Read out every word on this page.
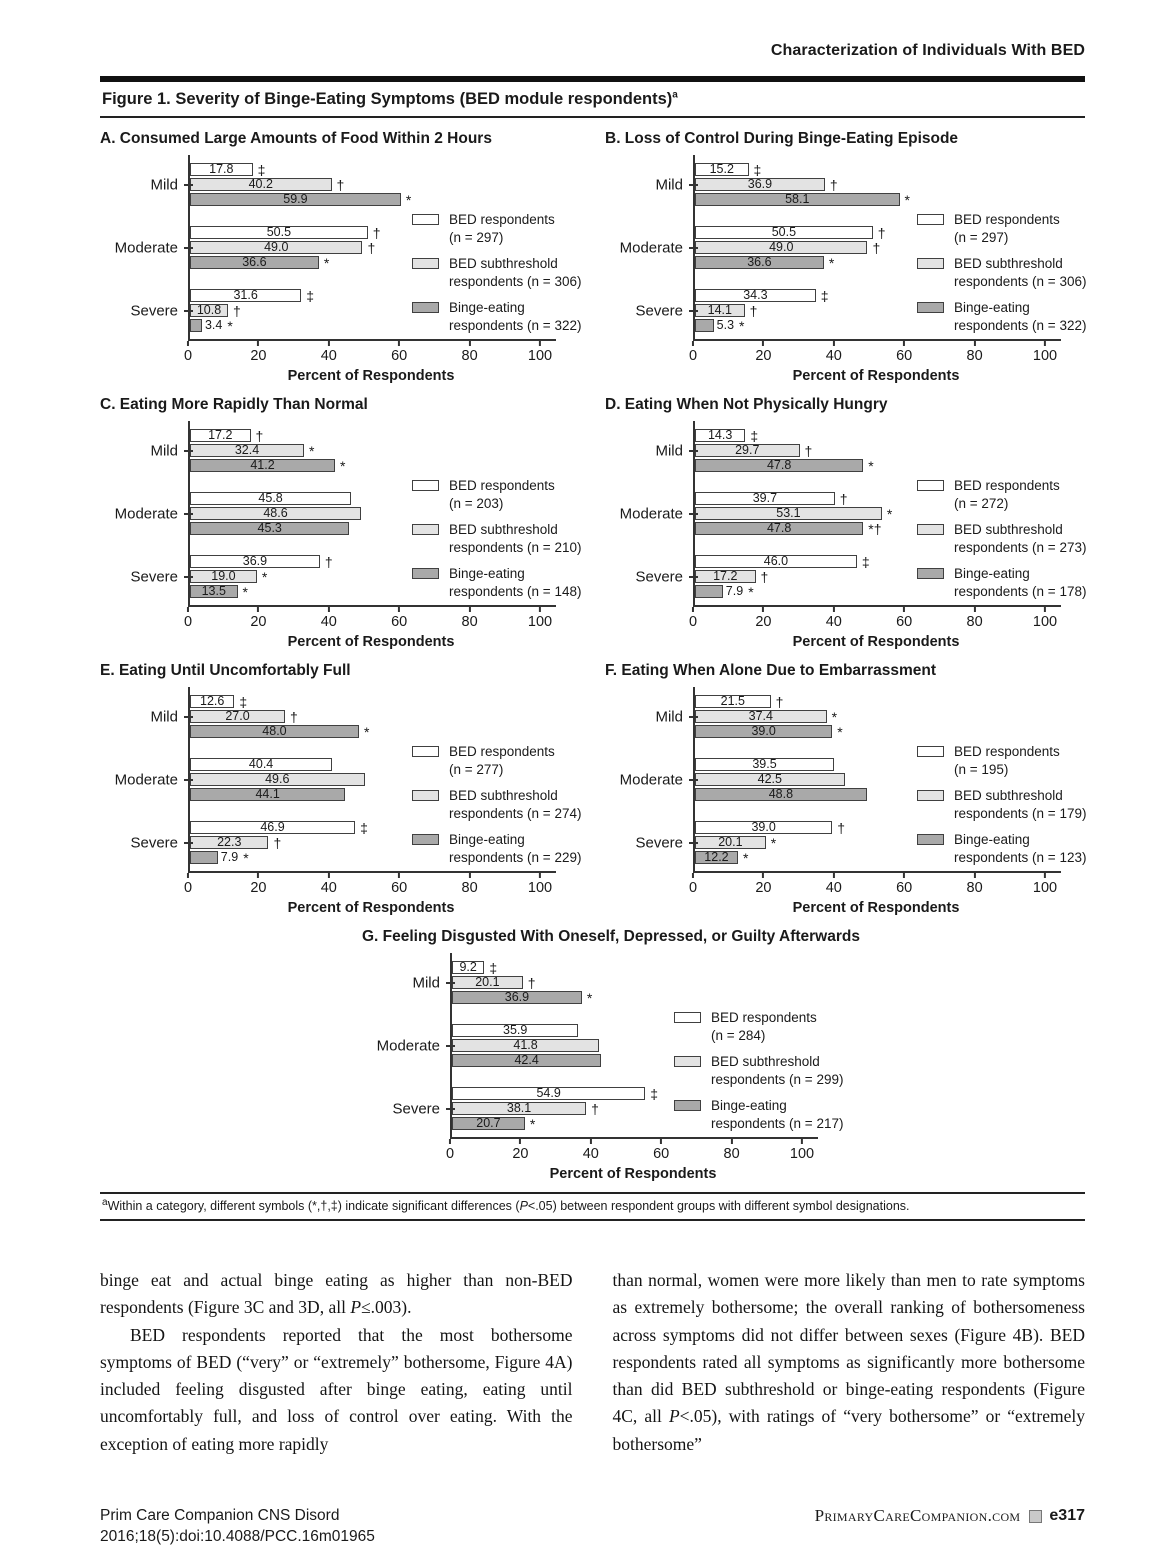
Characterization of Individuals With BED
Figure 1. Severity of Binge-Eating Symptoms (BED module respondents)$^a$
A. Consumed Large Amounts of Food Within 2 Hours
Mild
17.8 ‡
40.2	†
59.9	*
Moderate
50.5	†
49.0	†
36.6	*
Severe
31.6	‡
10.8 †
3.4 *
0	20	40	60	80	100
Percent of Respondents
BED respondents
(n = 297)
BED subthreshold
respondents (n = 306)
Binge-eating
respondents (n = 322)
B. Loss of Control During Binge-Eating Episode
Mild
15.2 ‡
36.9	†
58.1	*
Moderate
50.5	†
49.0	†
36.6	*
Severe
34.3	‡
14.1 †
5.3 *
0	20	40	60	80	100
Percent of Respondents
BED respondents
(n = 297)
BED subthreshold
respondents (n = 306)
Binge-eating
respondents (n = 322)
C. Eating More Rapidly Than Normal
Mild
17.2 †
32.4	*
41.2	*
Moderate
45.8
48.6
45.3
Severe
36.9	†
19.0 *
13.5 *
0	20	40	60	80	100
Percent of Respondents
BED respondents
(n = 203)
BED subthreshold
respondents (n = 210)
Binge-eating
respondents (n = 148)
D. Eating When Not Physically Hungry
Mild
14.3 ‡
29.7	†
47.8	*
Moderate
39.7	†
53.1	*
47.8	*†
Severe
46.0	‡
17.2 †
7.9 *
0	20	40	60	80	100
Percent of Respondents
BED respondents
(n = 272)
BED subthreshold
respondents (n = 273)
Binge-eating
respondents (n = 178)
E. Eating Until Uncomfortably Full
Mild
12.6 ‡
27.0	†
48.0	*
Moderate
40.4
49.6
44.1
Severe
46.9	‡
22.3 †
7.9 *
0	20	40	60	80	100
Percent of Respondents
BED respondents
(n = 277)
BED subthreshold
respondents (n = 274)
Binge-eating
respondents (n = 229)
F. Eating When Alone Due to Embarrassment
Mild
21.5 †
37.4	*
39.0	*
Moderate
39.5
42.5
48.8
Severe
39.0	†
20.1 *
12.2 *
0	20	40	60	80	100
Percent of Respondents
BED respondents
(n = 195)
BED subthreshold
respondents (n = 179)
Binge-eating
respondents (n = 123)
G. Feeling Disgusted With Oneself, Depressed, or Guilty Afterwards
Mild
9.2 ‡
20.1 †
36.9	*
Moderate
35.9
41.8
42.4
Severe
54.9	‡
38.1	†
20.7 *
0	20	40	60	80	100
Percent of Respondents
BED respondents
(n = 284)
BED subthreshold
respondents (n = 299)
Binge-eating
respondents (n = 217)
$^a$Within a category, different symbols (*,†,‡) indicate significant differences (P<.05) between respondent groups with different symbol designations.

binge eat and actual binge eating as higher than non-BED respondents (Figure 3C and 3D, all P≤.003).

BED respondents reported that the most bothersome symptoms of BED (“very” or “extremely” bothersome, Figure 4A) included feeling disgusted after binge eating, eating until uncomfortably full, and loss of control over eating. With the exception of eating more rapidly

than normal, women were more likely than men to rate symptoms as extremely bothersome; the overall ranking of bothersomeness across symptoms did not differ between sexes (Figure 4B). BED respondents rated all symptoms as significantly more bothersome than did BED subthreshold or binge-eating respondents (Figure 4C, all P<.05), with ratings of “very bothersome” or “extremely bothersome”

Prim Care Companion CNS Disord
2016;18(5):doi:10.4088/PCC.16m01965
PrimaryCareCompanion.com e317
